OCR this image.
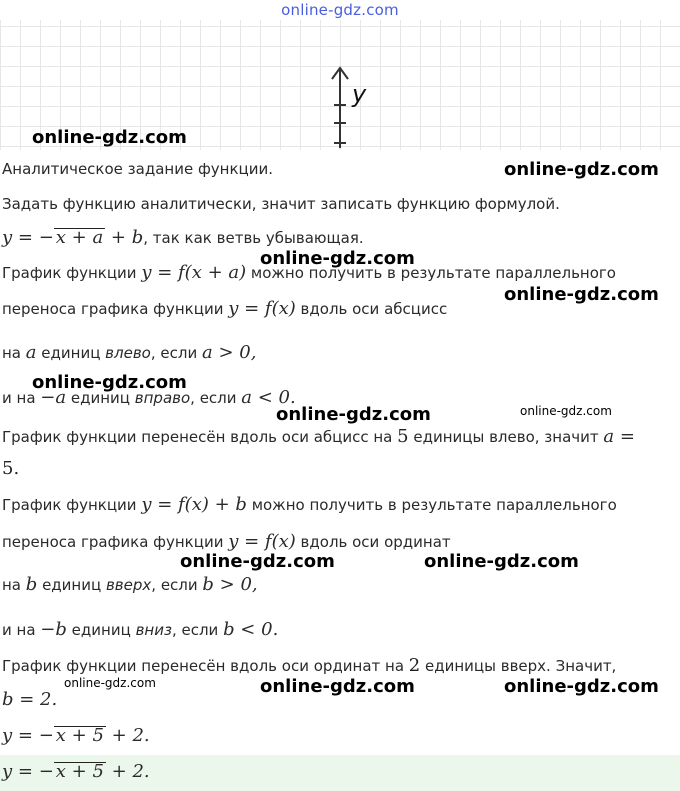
online-gdz.com
y
Аналитическое задание функции.
Задать функцию аналитически, значит записать функцию формулой.
y = − x + a + b, так как ветвь убывающая.
График функции y = f(x + a) можно получить в результате параллельного
переноса графика функции y = f(x) вдоль оси абсцисс
на a единиц влево, если a > 0,
и на −a единиц вправо, если a < 0.
График функции перенесён вдоль оси абцисс на 5 единицы влево, значит a =
5.
График функции y = f(x) + b можно получить в результате параллельного
переноса графика функции y = f(x) вдоль оси ординат
на b единиц вверх, если b > 0,
и на −b единиц вниз, если b < 0.
График функции перенесён вдоль оси ординат на 2 единицы вверх. Значит,
b = 2.
y = − x + 5 + 2.
y = − x + 5 + 2.
online-gdz.com
online-gdz.com
online-gdz.com
online-gdz.com
online-gdz.com
online-gdz.com	online-gdz.com
online-gdz.com	online-gdz.com
online-gdz.com	online-gdz.com	online-gdz.com
